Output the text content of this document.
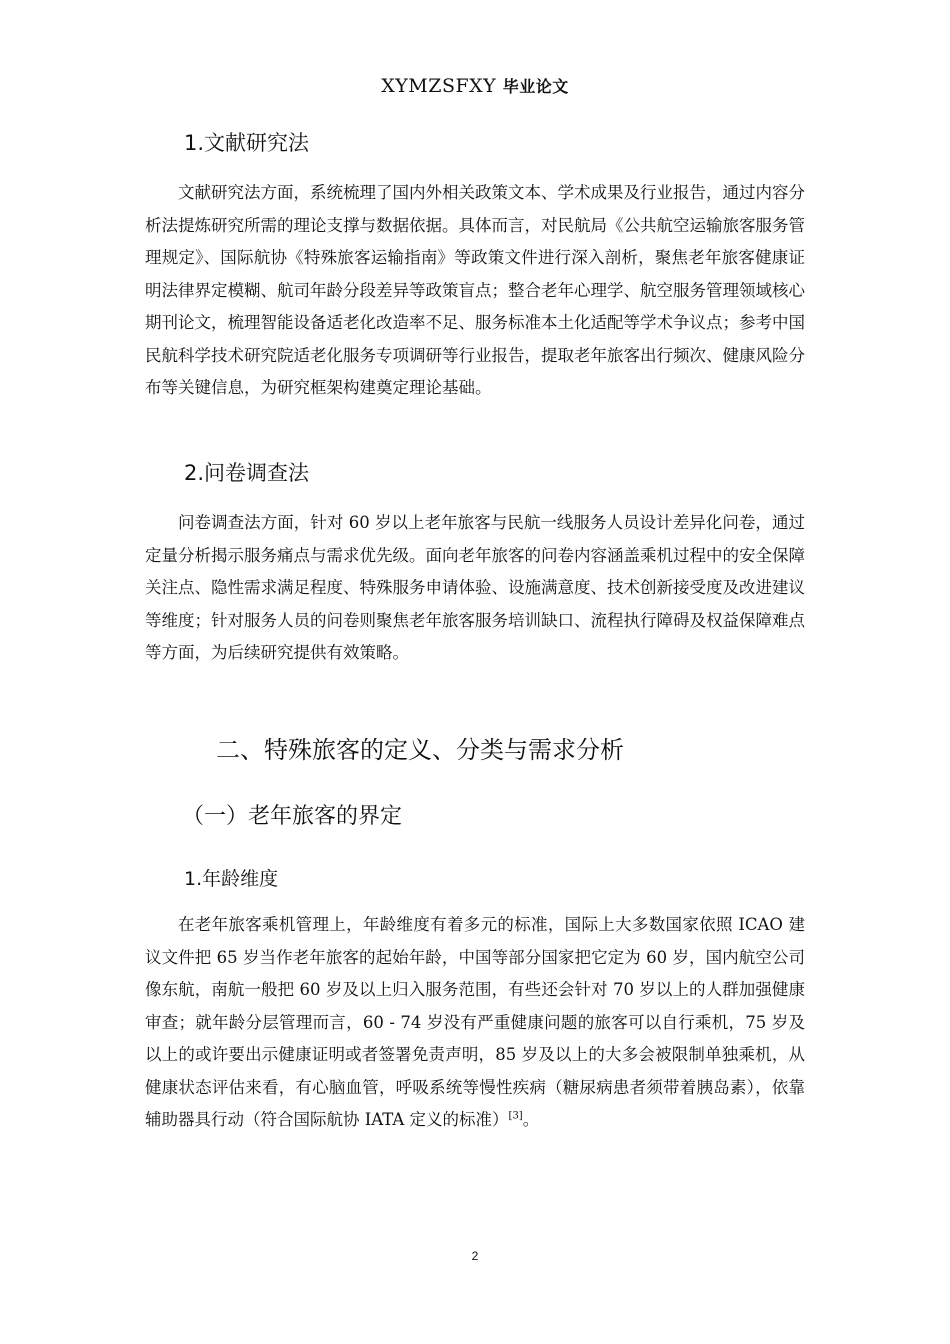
XYMZSFXY 毕业论文
1.文献研究法

文献研究法方面，系统梳理了国内外相关政策文本、学术成果及行业报告，通过内容分析法提炼研究所需的理论支撑与数据依据。具体而言，对民航局《公共航空运输旅客服务管理规定》、国际航协《特殊旅客运输指南》等政策文件进行深入剖析，聚焦老年旅客健康证明法律界定模糊、航司年龄分段差异等政策盲点；整合老年心理学、航空服务管理领域核心期刊论文，梳理智能设备适老化改造率不足、服务标准本土化适配等学术争议点；参考中国民航科学技术研究院适老化服务专项调研等行业报告，提取老年旅客出行频次、健康风险分布等关键信息，为研究框架构建奠定理论基础。

2.问卷调查法

问卷调查法方面，针对 60 岁以上老年旅客与民航一线服务人员设计差异化问卷，通过定量分析揭示服务痛点与需求优先级。面向老年旅客的问卷内容涵盖乘机过程中的安全保障关注点、隐性需求满足程度、特殊服务申请体验、设施满意度、技术创新接受度及改进建议等维度；针对服务人员的问卷则聚焦老年旅客服务培训缺口、流程执行障碍及权益保障难点等方面，为后续研究提供有效策略。

二、特殊旅客的定义、分类与需求分析
（一）老年旅客的界定
1.年龄维度

在老年旅客乘机管理上，年龄维度有着多元的标准，国际上大多数国家依照 ICAO 建议文件把 65 岁当作老年旅客的起始年龄，中国等部分国家把它定为 60 岁，国内航空公司像东航，南航一般把 60 岁及以上归入服务范围，有些还会针对 70 岁以上的人群加强健康审查；就年龄分层管理而言，60 - 74 岁没有严重健康问题的旅客可以自行乘机，75 岁及以上的或许要出示健康证明或者签署免责声明，85 岁及以上的大多会被限制单独乘机，从健康状态评估来看，有心脑血管，呼吸系统等慢性疾病（糖尿病患者须带着胰岛素），依靠辅助器具行动（符合国际航协 IATA 定义的标准）[3]。

2
